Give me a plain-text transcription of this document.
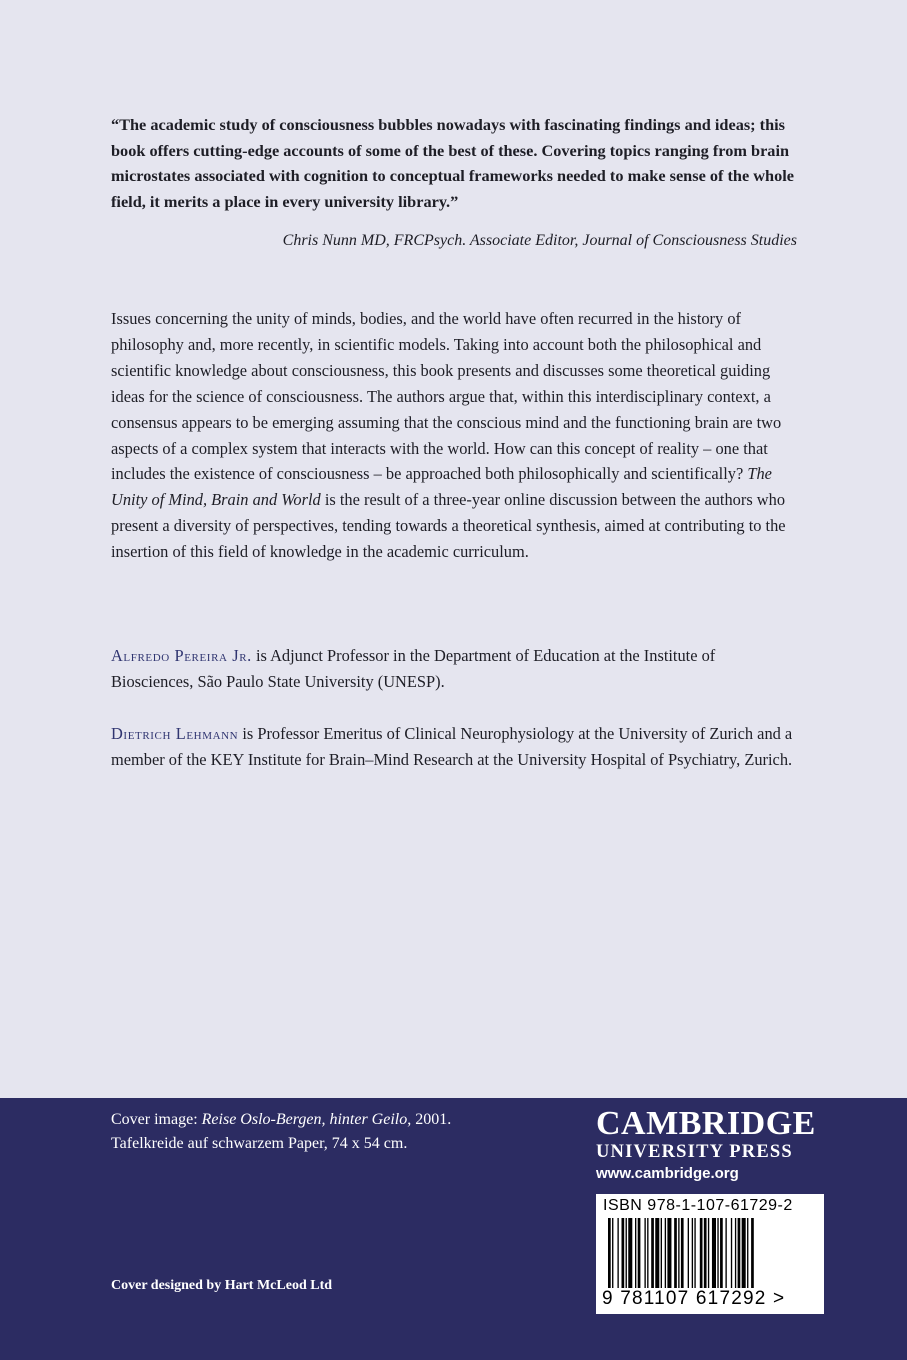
“The academic study of consciousness bubbles nowadays with fascinating findings and ideas; this book offers cutting-edge accounts of some of the best of these. Covering topics ranging from brain microstates associated with cognition to conceptual frameworks needed to make sense of the whole field, it merits a place in every university library.”
Chris Nunn MD, FRCPsych. Associate Editor, Journal of Consciousness Studies
Issues concerning the unity of minds, bodies, and the world have often recurred in the history of philosophy and, more recently, in scientific models. Taking into account both the philosophical and scientific knowledge about consciousness, this book presents and discusses some theoretical guiding ideas for the science of consciousness. The authors argue that, within this interdisciplinary context, a consensus appears to be emerging assuming that the conscious mind and the functioning brain are two aspects of a complex system that interacts with the world. How can this concept of reality – one that includes the existence of consciousness – be approached both philosophically and scientifically? The Unity of Mind, Brain and World is the result of a three-year online discussion between the authors who present a diversity of perspectives, tending towards a theoretical synthesis, aimed at contributing to the insertion of this field of knowledge in the academic curriculum.
Alfredo Pereira Jr. is Adjunct Professor in the Department of Education at the Institute of Biosciences, São Paulo State University (UNESP).
Dietrich Lehmann is Professor Emeritus of Clinical Neurophysiology at the University of Zurich and a member of the KEY Institute for Brain–Mind Research at the University Hospital of Psychiatry, Zurich.
Cover image: Reise Oslo-Bergen, hinter Geilo, 2001.
Tafelkreide auf schwarzem Paper, 74 x 54 cm.
Cover designed by Hart McLeod Ltd
CAMBRIDGE
UNIVERSITY PRESS
www.cambridge.org
ISBN 978-1-107-61729-2
9 781107 617292 >
